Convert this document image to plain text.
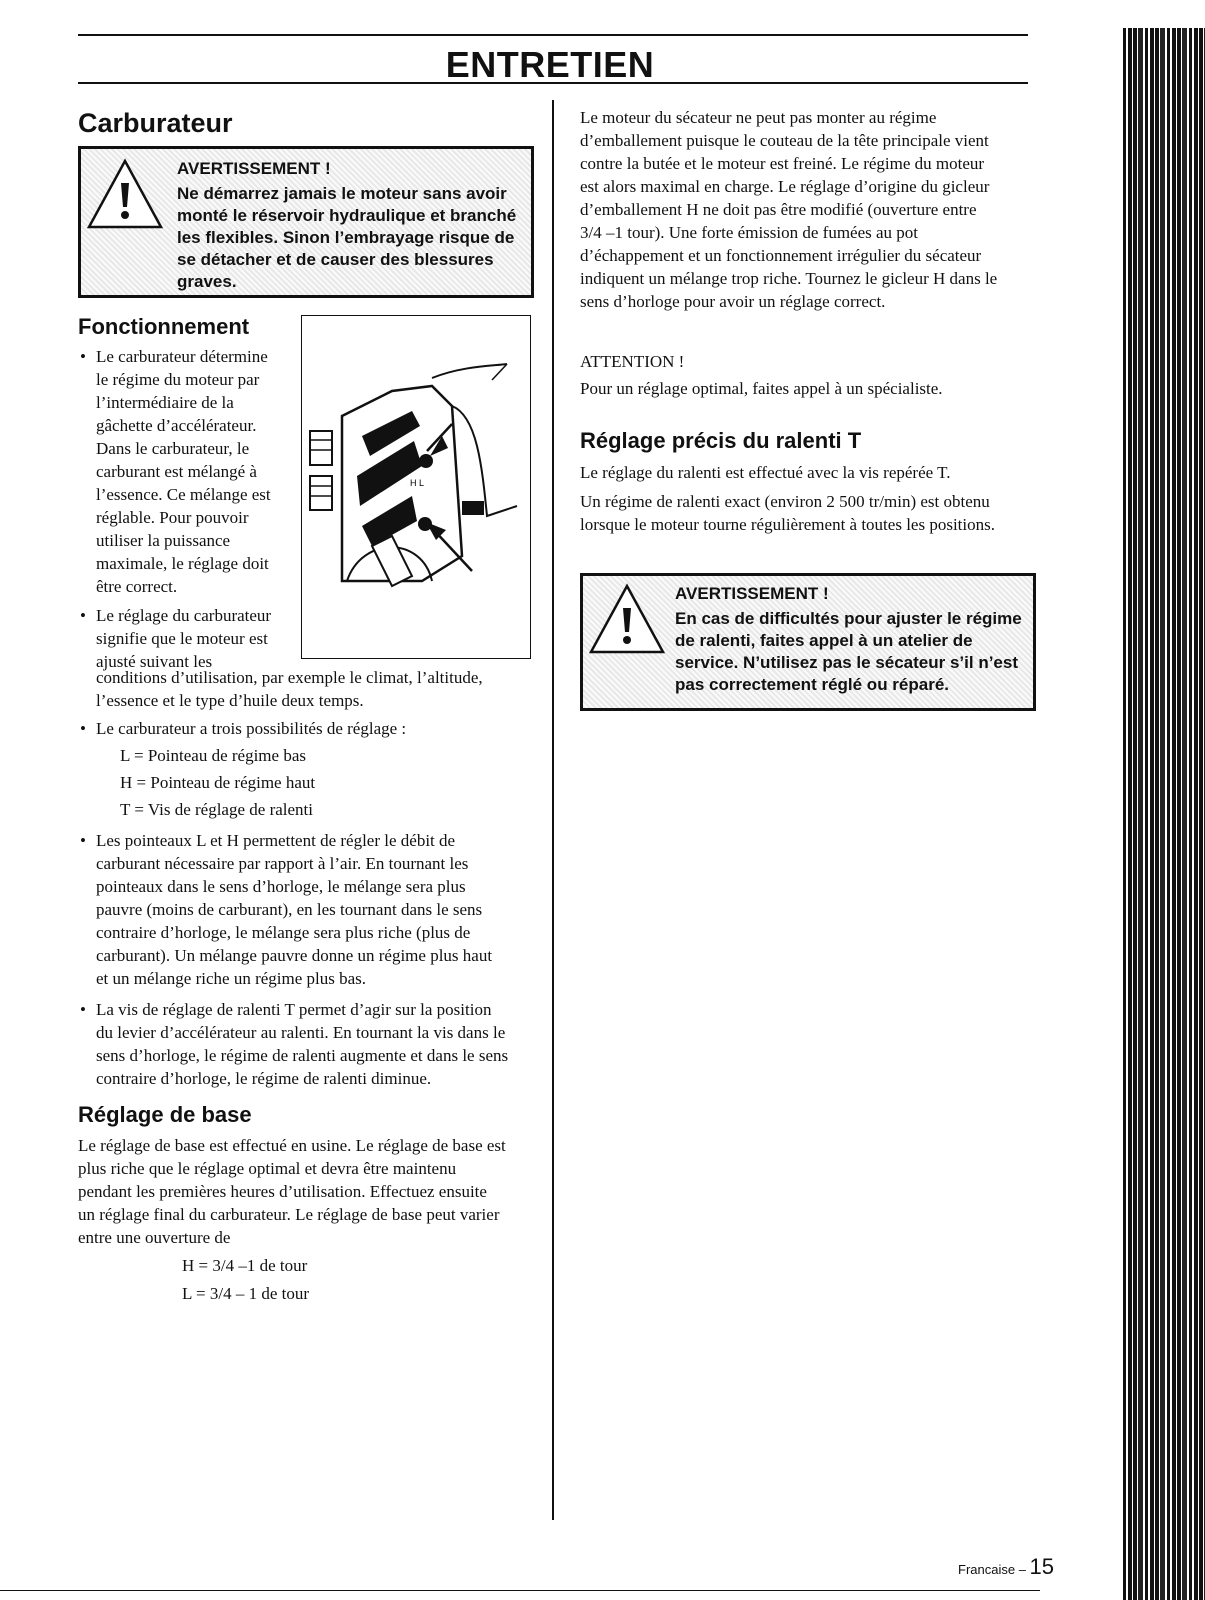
ENTRETIEN
Carburateur
AVERTISSEMENT !
Ne démarrez jamais le moteur sans avoir
monté le réservoir hydraulique et branché
les flexibles. Sinon l’embrayage risque de
se détacher et de causer des blessures
graves.
Fonctionnement
H L
• Le carburateur détermine
le régime du moteur par
l’intermédiaire de la
gâchette d’accélérateur.
Dans le carburateur, le
carburant est mélangé à
l’essence. Ce mélange est
réglable. Pour pouvoir
utiliser la puissance
maximale, le réglage doit
être correct.
• Le réglage du carburateur
signifie que le moteur est
ajusté suivant les
conditions d’utilisation, par exemple le climat, l’altitude,
l’essence et le type d’huile deux temps.
• Le carburateur a trois possibilités de réglage :
L = Pointeau de régime bas
H = Pointeau de régime haut
T = Vis de réglage de ralenti
• Les pointeaux L et H permettent de régler le débit de
carburant nécessaire par rapport à l’air. En tournant les
pointeaux dans le sens d’horloge, le mélange sera plus
pauvre (moins de carburant), en les tournant dans le sens
contraire d’horloge, le mélange sera plus riche (plus de
carburant). Un mélange pauvre donne un régime plus haut
et un mélange riche un régime plus bas.
• La vis de réglage de ralenti T permet d’agir sur la position
du levier d’accélérateur au ralenti. En tournant la vis dans le
sens d’horloge, le régime de ralenti augmente et dans le sens
contraire d’horloge, le régime de ralenti diminue.
Réglage de base
Le réglage de base est effectué en usine. Le réglage de base est
plus riche que le réglage optimal et devra être maintenu
pendant les premières heures d’utilisation. Effectuez ensuite
un réglage final du carburateur. Le réglage de base peut varier
entre une ouverture de
H = 3/4 –1 de tour
L = 3/4 – 1 de tour
Le moteur du sécateur ne peut pas monter au régime
d’emballement puisque le couteau de la tête principale vient
contre la butée et le moteur est freiné. Le régime du moteur
est alors maximal en charge. Le réglage d’origine du gicleur
d’emballement H ne doit pas être modifié (ouverture entre
3/4 –1 tour). Une forte émission de fumées au pot
d’échappement et un fonctionnement irrégulier du sécateur
indiquent un mélange trop riche. Tournez le gicleur H dans le
sens d’horloge pour avoir un réglage correct.
ATTENTION !
Pour un réglage optimal, faites appel à un spécialiste.
Réglage précis du ralenti T
Le réglage du ralenti est effectué avec la vis repérée T.
Un régime de ralenti exact (environ 2 500 tr/min) est obtenu
lorsque le moteur tourne régulièrement à toutes les positions.
AVERTISSEMENT !
En cas de difficultés pour ajuster le régime
de ralenti, faites appel à un atelier de
service. N’utilisez pas le sécateur s’il n’est
pas correctement réglé ou réparé.
Francaise – 15
